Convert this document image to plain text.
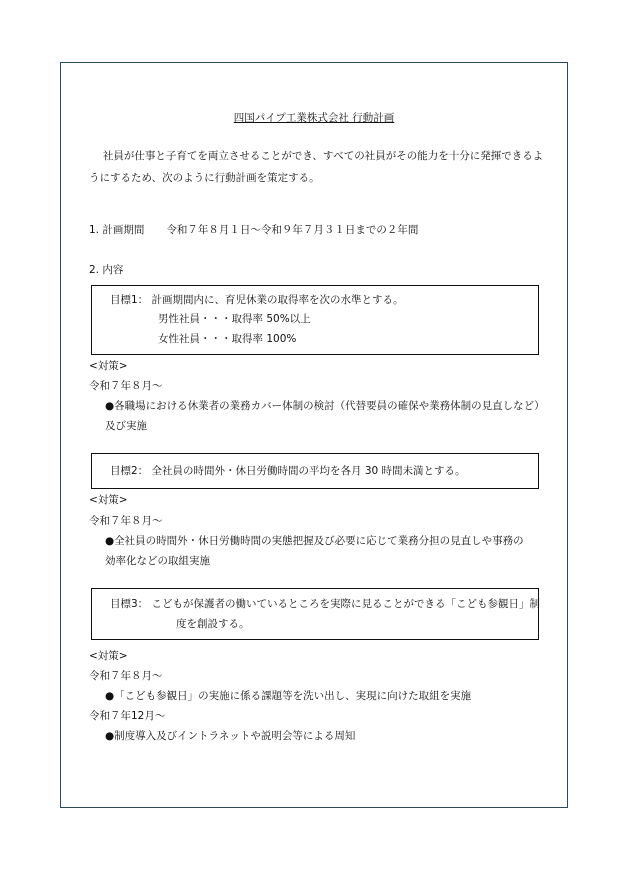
四国パイプ工業株式会社 行動計画
　 社員が仕事と子育てを両立させることができ、すべての社員がその能力を十分に発揮できるようにするため、次のように行動計画を策定する。
1. 計画期間 令和７年８月１日～令和９年７月３１日までの２年間
2. 内容
目標1： 計画期間内に、育児休業の取得率を次の水準とする。
男性社員・・・取得率 50%以上
女性社員・・・取得率 100%
<対策>
令和７年８月～
●各職場における休業者の業務カバー体制の検討（代替要員の確保や業務体制の見直しなど）
及び実施
目標2： 全社員の時間外・休日労働時間の平均を各月 30 時間未満とする。
<対策>
令和７年８月～
●全社員の時間外・休日労働時間の実態把握及び必要に応じて業務分担の見直しや事務の
効率化などの取組実施
目標3： こどもが保護者の働いているところを実際に見ることができる「こども参観日」制
度を創設する。
<対策>
令和７年８月～
●「こども参観日」の実施に係る課題等を洗い出し、実現に向けた取組を実施
令和７年12月～
●制度導入及びイントラネットや説明会等による周知
